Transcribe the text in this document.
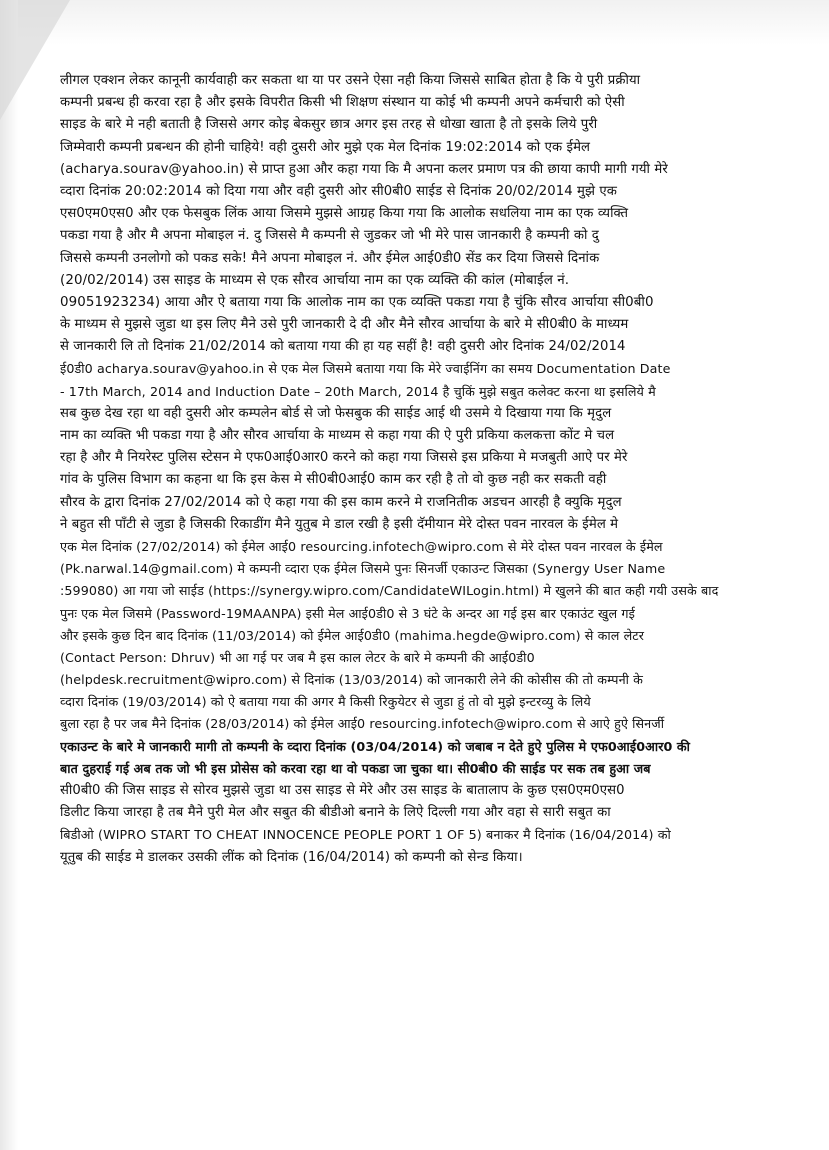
लीगल एक्शन लेकर कानूनी कार्यवाही कर सकता था या पर उसने ऐसा नही किया जिससे साबित होता है कि ये पुरी प्रक्रीया
कम्पनी प्रबन्ध ही करवा रहा है और इसके विपरीत किसी भी शिक्षण संस्थान या कोई भी कम्पनी अपने कर्मचारी को ऐसी
साइड के बारे मे नही बताती है जिससे अगर कोइ बेकसुर छात्र अगर इस तरह से धोखा खाता है तो इसके लिये पुरी
जिम्मेवारी कम्पनी प्रबन्धन की होनी चाहिये! वही दुसरी ओर मुझे एक मेल दिनांक 19:02:2014 को एक ईमेल
(acharya.sourav@yahoo.in) से प्राप्त हुआ और कहा गया कि मै अपना कलर प्रमाण पत्र की छाया कापी मागी गयी मेरे
व्दारा दिनांक 20:02:2014 को दिया गया और वही दुसरी ओर सी0बी0 साईड से दिनांक 20/02/2014 मुझे एक
एस0एम0एस0 और एक फेसबुक लिंक आया जिसमे मुझसे आग्रह किया गया कि आलोक सधलिया नाम का एक व्यक्ति
पकडा गया है और मै अपना मोबाइल नं. दु जिससे मै कम्पनी से जुडकर जो भी मेरे पास जानकारी है कम्पनी को दु
जिससे कम्पनी उनलोगो को पकड सके! मैने अपना मोबाइल नं. और ईमेल आई0डी0 सेंड कर दिया जिससे दिनांक
(20/02/2014) उस साइड के माध्यम से एक सौरव आर्चाया नाम का एक व्यक्ति की कांल (मोबाईल नं.
09051923234) आया और ऐ बताया गया कि आलोक नाम का एक व्यक्ति पकडा गया है चुंकि सौरव आर्चाया सी0बी0
के माध्यम से मुझसे जुडा था इस लिए मैने उसे पुरी जानकारी दे दी और मैने सौरव आर्चाया के बारे मे सी0बी0 के माध्यम
से जानकारी लि तो दिनांक 21/02/2014 को बताया गया की हा यह सहीं है! वही दुसरी ओर दिनांक 24/02/2014
ई0डी0 acharya.sourav@yahoo.in से एक मेल जिसमे बताया गया कि मेरे ज्वाईनिंग का समय Documentation Date
- 17th March, 2014 and Induction Date – 20th March, 2014 है चुकिं मुझे सबुत कलेक्ट करना था इसलिये मै
सब कुछ देख रहा था वही दुसरी ओर कम्पलेन बोर्ड से जो फेसबुक की साईड आई थी उसमे ये दिखाया गया कि मृदुल
नाम का व्यक्ति भी पकडा गया है और सौरव आर्चाया के माध्यम से कहा गया की ऐ पुरी प्रकिया कलकत्ता कोंट मे चल
रहा है और मै नियरेस्ट पुलिस स्टेसन मे एफ0आई0आर0 करने को कहा गया जिससे इस प्रकिया मे मजबुती आऐ पर मेरे
गांव के पुलिस विभाग का कहना था कि इस केस मे सी0बी0आई0 काम कर रही है तो वो कुछ नही कर सकती वही
सौरव के द्वारा दिनांक 27/02/2014 को ऐ कहा गया की इस काम करने मे राजनितीक अडचन आरही है क्युकि मृदुल
ने बहुत सी पाँटी से जुडा है जिसकी रिकाडींग मैने युतुब मे डाल रखी है इसी दॅमीयान मेरे दोस्त पवन नारवल के ईमेल मे
एक मेल दिनांक (27/02/2014) को ईमेल आई0 resourcing.infotech@wipro.com से मेरे दोस्त पवन नारवल के ईमेल
(Pk.narwal.14@gmail.com) मे कम्पनी व्दारा एक ईमेल जिसमे पुनः सिनर्जी एकाउन्ट जिसका (Synergy User Name
:599080) आ गया जो साईड (https://synergy.wipro.com/CandidateWILogin.html) मे खुलने की बात कही गयी उसके बाद
पुनः एक मेल जिसमे (Password-19MAANPA) इसी मेल आई0डी0 से 3 घंटे के अन्दर आ गई इस बार एकाउंट खुल गई
और इसके कुछ दिन बाद दिनांक (11/03/2014) को ईमेल आई0डी0 (mahima.hegde@wipro.com) से काल लेटर
(Contact Person: Dhruv) भी आ गई पर जब मै इस काल लेटर के बारे मे कम्पनी की आई0डी0
(helpdesk.recruitment@wipro.com) से दिनांक (13/03/2014) को जानकारी लेने की कोसीस की तो कम्पनी के
व्दारा दिनांक (19/03/2014) को ऐ बताया गया की अगर मै किसी रिकुयेटर से जुडा हुं तो वो मुझे इन्टरव्यु के लिये
बुला रहा है पर जब मैने दिनांक (28/03/2014) को ईमेल आई0 resourcing.infotech@wipro.com से आऐ हुऐ सिनर्जी
एकाउन्ट के बारे मे जानकारी मागी तो कम्पनी के व्दारा दिनांक (03/04/2014) को जबाब न देते हुऐ पुलिस मे एफ0आई0आर0 की
बात दुहराई गई अब तक जो भी इस प्रोसेस को करवा रहा था वो पकडा जा चुका था। सी0बी0 की साईड पर सक तब हुआ जब
सी0बी0 की जिस साइड से सोरव मुझसे जुडा था उस साइड से मेरे और उस साइड के बातालाप के कुछ एस0एम0एस0
डिलीट किया जारहा है तब मैने पुरी मेल और सबुत की बीडीओ बनाने के लिऐ दिल्ली गया और वहा से सारी सबुत का
बिडीओ (WIPRO START TO CHEAT INNOCENCE PEOPLE PORT 1 OF 5) बनाकर मै दिनांक (16/04/2014) को
यूतुब की साईड मे डालकर उसकी लींक को दिनांक (16/04/2014) को कम्पनी को सेन्ड किया।
